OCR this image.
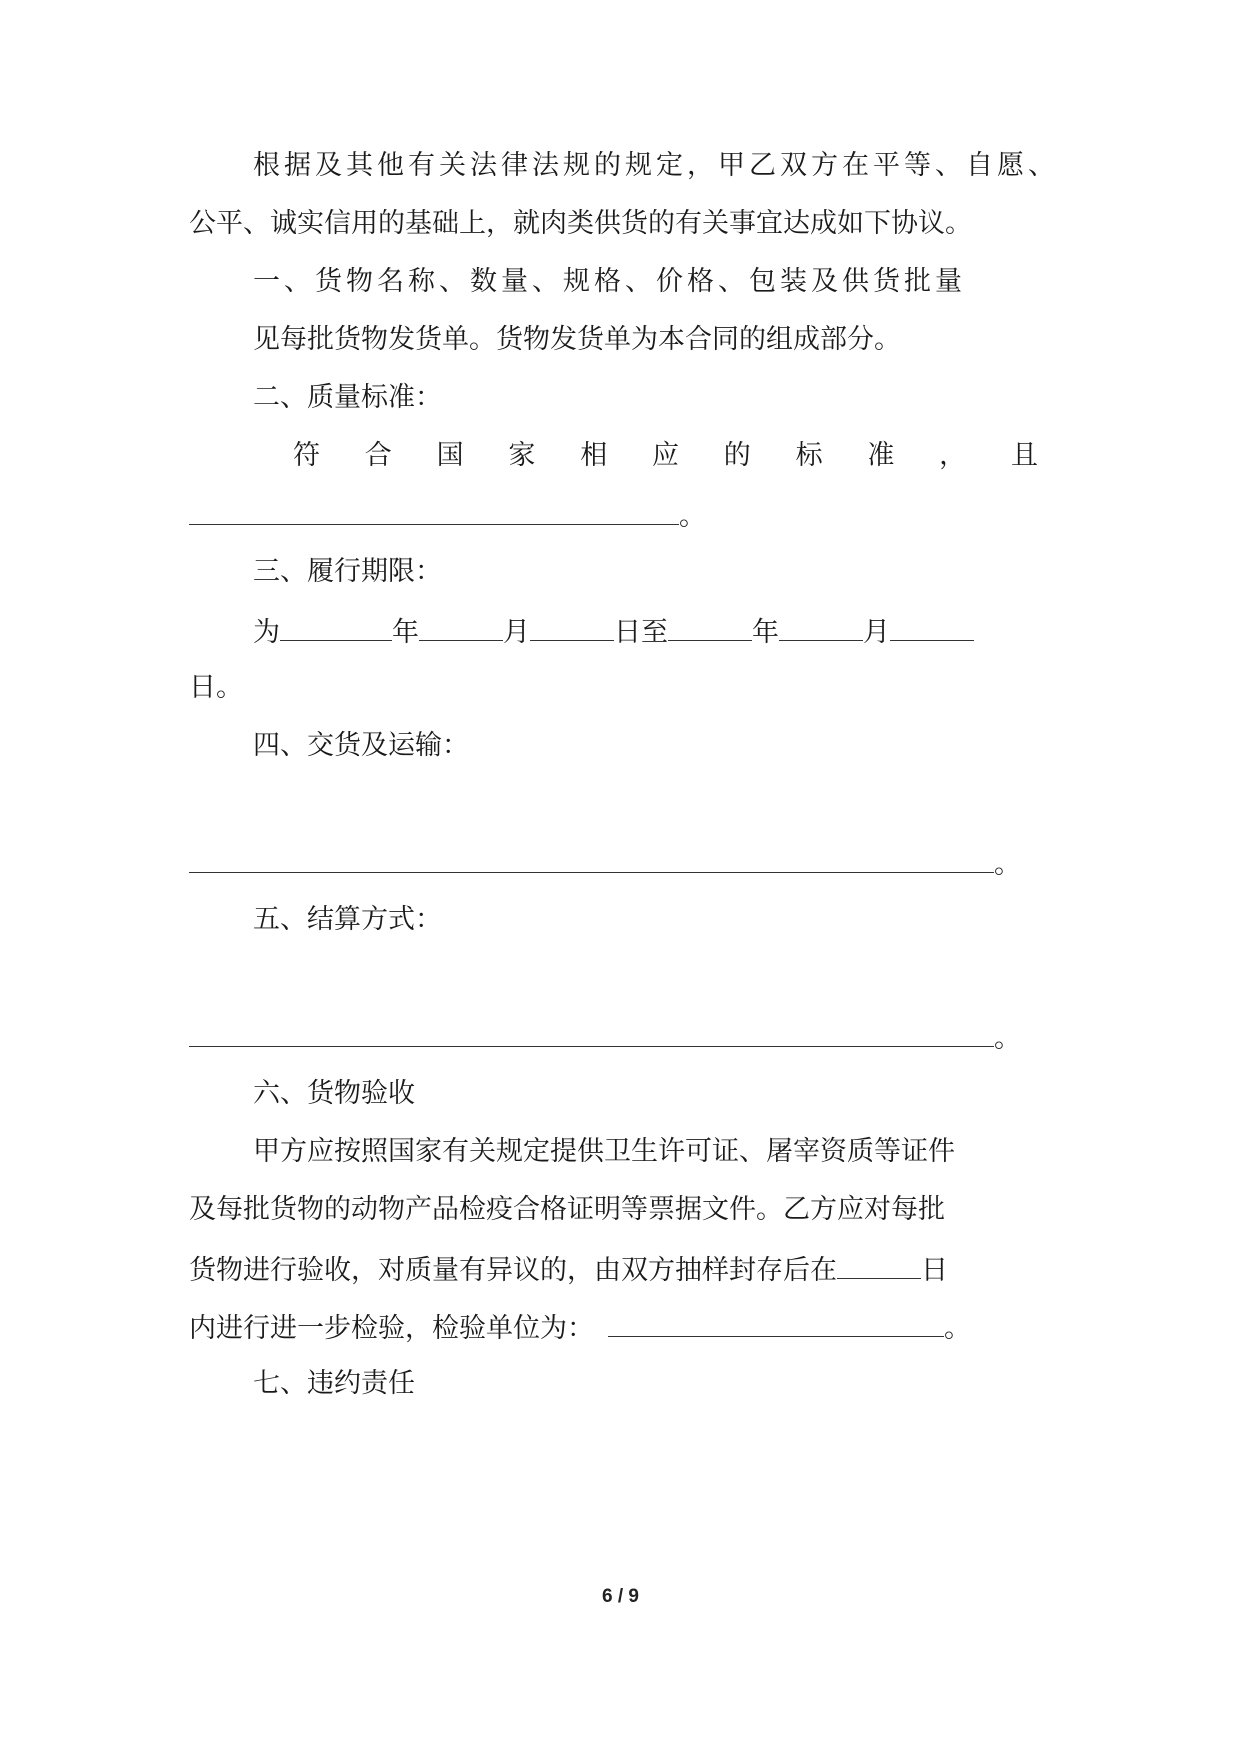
根据及其他有关法律法规的规定，甲乙双方在平等、自愿、
公平、诚实信用的基础上，就肉类供货的有关事宜达成如下协议。
一、货物名称、数量、规格、价格、包装及供货批量
见每批货物发货单。货物发货单为本合同的组成部分。
二、质量标准：
符 合 国 家 相 应 的 标 准 ， 且
。
三、履行期限：
为	年	月	日至	年	月
日。
四、交货及运输：
。
五、结算方式：
。
六、货物验收
甲方应按照国家有关规定提供卫生许可证、屠宰资质等证件
及每批货物的动物产品检疫合格证明等票据文件。乙方应对每批
货物进行验收，对质量有异议的，由双方抽样封存后在	日
内进行进一步检验，检验单位为：	。
七、违约责任
6 / 9
